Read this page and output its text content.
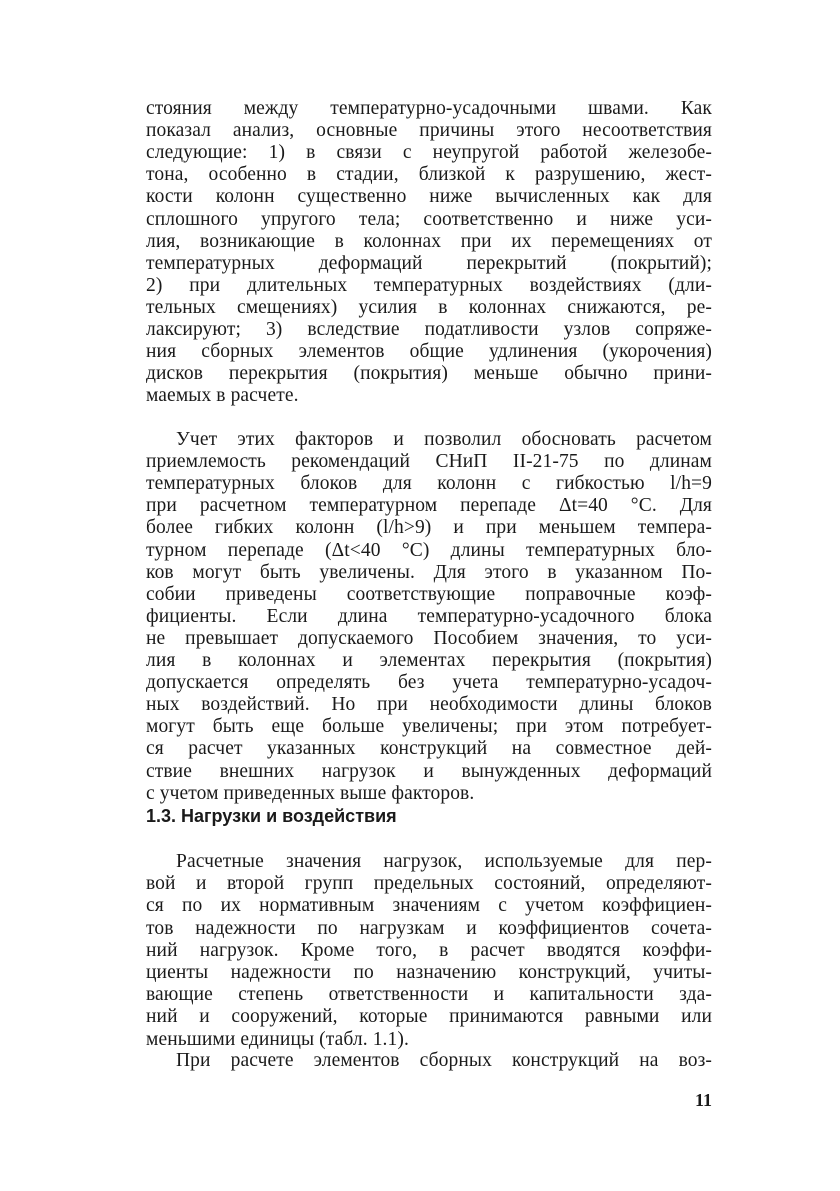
стояния между температурно-усадочными швами. Как
показал анализ, основные причины этого несоответствия
следующие: 1) в связи с неупругой работой железобе-
тона, особенно в стадии, близкой к разрушению, жест-
кости колонн существенно ниже вычисленных как для
сплошного упругого тела; соответственно и ниже уси-
лия, возникающие в колоннах при их перемещениях от
температурных деформаций перекрытий (покрытий);
2) при длительных температурных воздействиях (дли-
тельных смещениях) усилия в колоннах снижаются, ре-
лаксируют; 3) вследствие податливости узлов сопряже-
ния сборных элементов общие удлинения (укорочения)
дисков перекрытия (покрытия) меньше обычно прини-
маемых в расчете.
Учет этих факторов и позволил обосновать расчетом
приемлемость рекомендаций СНиП II-21-75 по длинам
температурных блоков для колонн с гибкостью l/h=9
при расчетном температурном перепаде Δt=40 °C. Для
более гибких колонн (l/h>9) и при меньшем темпера-
турном перепаде (Δt<40 °C) длины температурных бло-
ков могут быть увеличены. Для этого в указанном По-
собии приведены соответствующие поправочные коэф-
фициенты. Если длина температурно-усадочного блока
не превышает допускаемого Пособием значения, то уси-
лия в колоннах и элементах перекрытия (покрытия)
допускается определять без учета температурно-усадоч-
ных воздействий. Но при необходимости длины блоков
могут быть еще больше увеличены; при этом потребует-
ся расчет указанных конструкций на совместное дей-
ствие внешних нагрузок и вынужденных деформаций
с учетом приведенных выше факторов.
Расчетные значения нагрузок, используемые для пер-
вой и второй групп предельных состояний, определяют-
ся по их нормативным значениям с учетом коэффициен-
тов надежности по нагрузкам и коэффициентов сочета-
ний нагрузок. Кроме того, в расчет вводятся коэффи-
циенты надежности по назначению конструкций, учиты-
вающие степень ответственности и капитальности зда-
ний и сооружений, которые принимаются равными или
меньшими единицы (табл. 1.1).
При расчете элементов сборных конструкций на воз-
1.3. Нагрузки и воздействия
11
